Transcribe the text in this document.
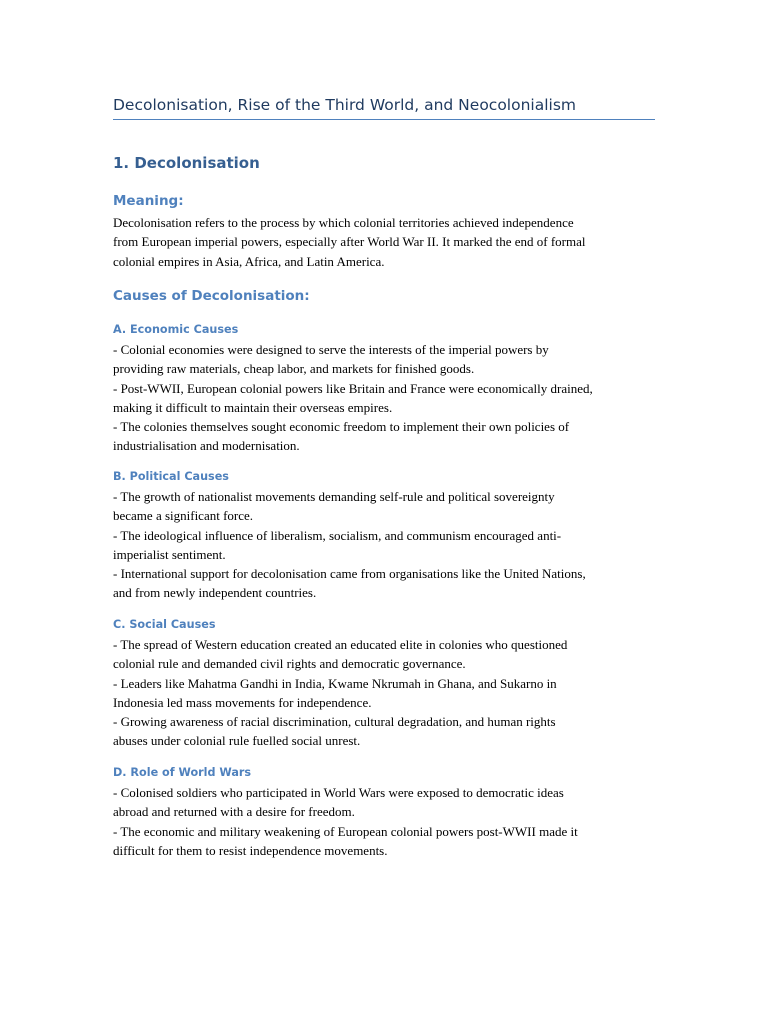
Decolonisation, Rise of the Third World, and Neocolonialism
1. Decolonisation
Meaning:
Decolonisation refers to the process by which colonial territories achieved independence
from European imperial powers, especially after World War II. It marked the end of formal
colonial empires in Asia, Africa, and Latin America.
Causes of Decolonisation:
A. Economic Causes
- Colonial economies were designed to serve the interests of the imperial powers by
providing raw materials, cheap labor, and markets for finished goods.
- Post-WWII, European colonial powers like Britain and France were economically drained,
making it difficult to maintain their overseas empires.
- The colonies themselves sought economic freedom to implement their own policies of
industrialisation and modernisation.
B. Political Causes
- The growth of nationalist movements demanding self-rule and political sovereignty
became a significant force.
- The ideological influence of liberalism, socialism, and communism encouraged anti-
imperialist sentiment.
- International support for decolonisation came from organisations like the United Nations,
and from newly independent countries.
C. Social Causes
- The spread of Western education created an educated elite in colonies who questioned
colonial rule and demanded civil rights and democratic governance.
- Leaders like Mahatma Gandhi in India, Kwame Nkrumah in Ghana, and Sukarno in
Indonesia led mass movements for independence.
- Growing awareness of racial discrimination, cultural degradation, and human rights
abuses under colonial rule fuelled social unrest.
D. Role of World Wars
- Colonised soldiers who participated in World Wars were exposed to democratic ideas
abroad and returned with a desire for freedom.
- The economic and military weakening of European colonial powers post-WWII made it
difficult for them to resist independence movements.
